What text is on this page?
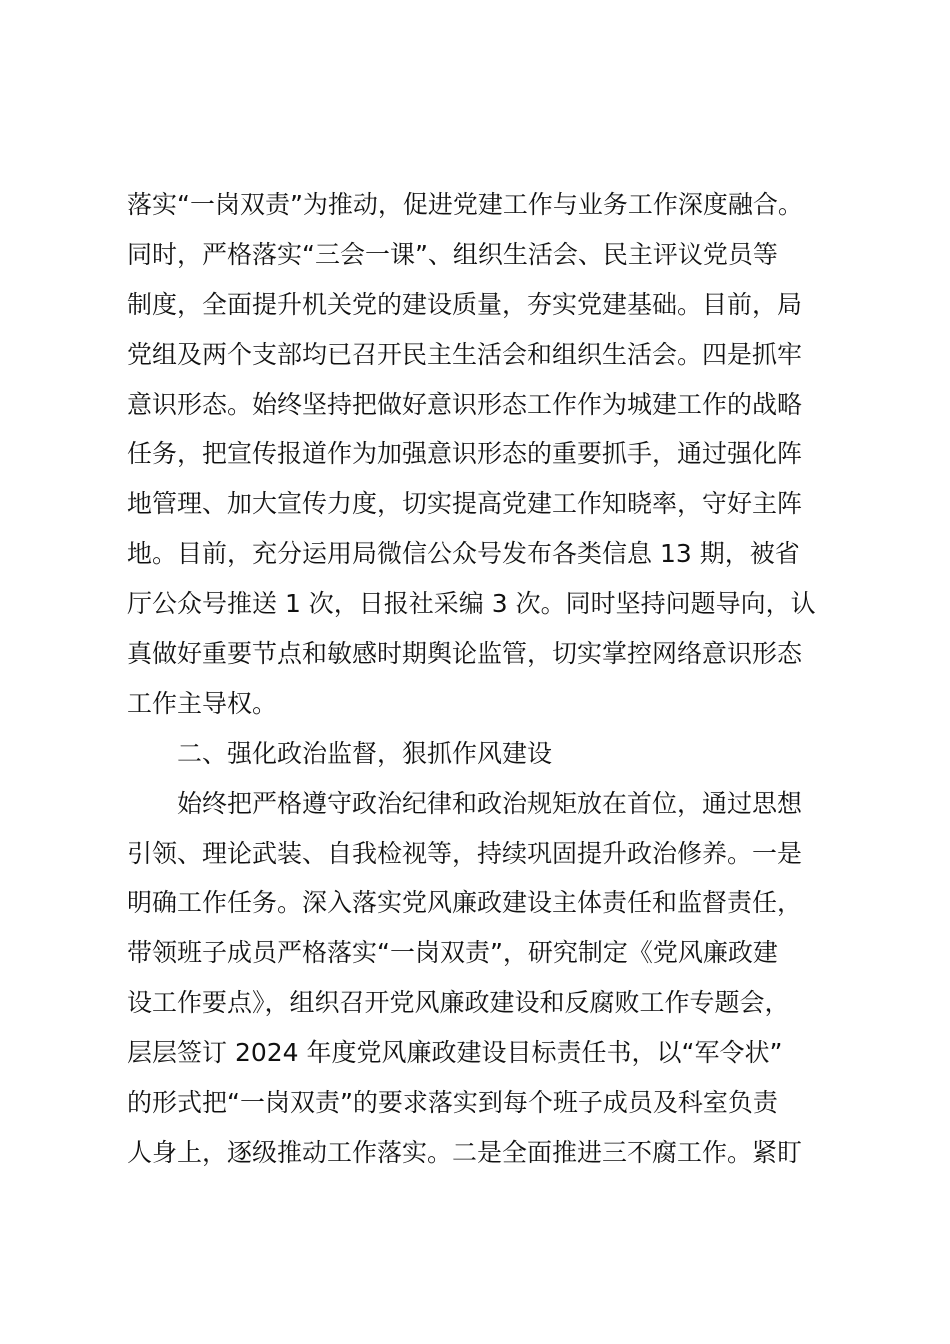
落实“一岗双责”为推动，促进党建工作与业务工作深度融合。
同时，严格落实“三会一课”、组织生活会、民主评议党员等
制度，全面提升机关党的建设质量，夯实党建基础。目前，局
党组及两个支部均已召开民主生活会和组织生活会。四是抓牢
意识形态。始终坚持把做好意识形态工作作为城建工作的战略
任务，把宣传报道作为加强意识形态的重要抓手，通过强化阵
地管理、加大宣传力度，切实提高党建工作知晓率，守好主阵
地。目前，充分运用局微信公众号发布各类信息 13 期，被省
厅公众号推送 1 次，日报社采编 3 次。同时坚持问题导向，认
真做好重要节点和敏感时期舆论监管，切实掌控网络意识形态
工作主导权。
二、强化政治监督，狠抓作风建设
始终把严格遵守政治纪律和政治规矩放在首位，通过思想
引领、理论武装、自我检视等，持续巩固提升政治修养。一是
明确工作任务。深入落实党风廉政建设主体责任和监督责任，
带领班子成员严格落实“一岗双责”，研究制定《党风廉政建
设工作要点》，组织召开党风廉政建设和反腐败工作专题会，
层层签订 2024 年度党风廉政建设目标责任书，以“军令状”
的形式把“一岗双责”的要求落实到每个班子成员及科室负责
人身上，逐级推动工作落实。二是全面推进三不腐工作。紧盯
